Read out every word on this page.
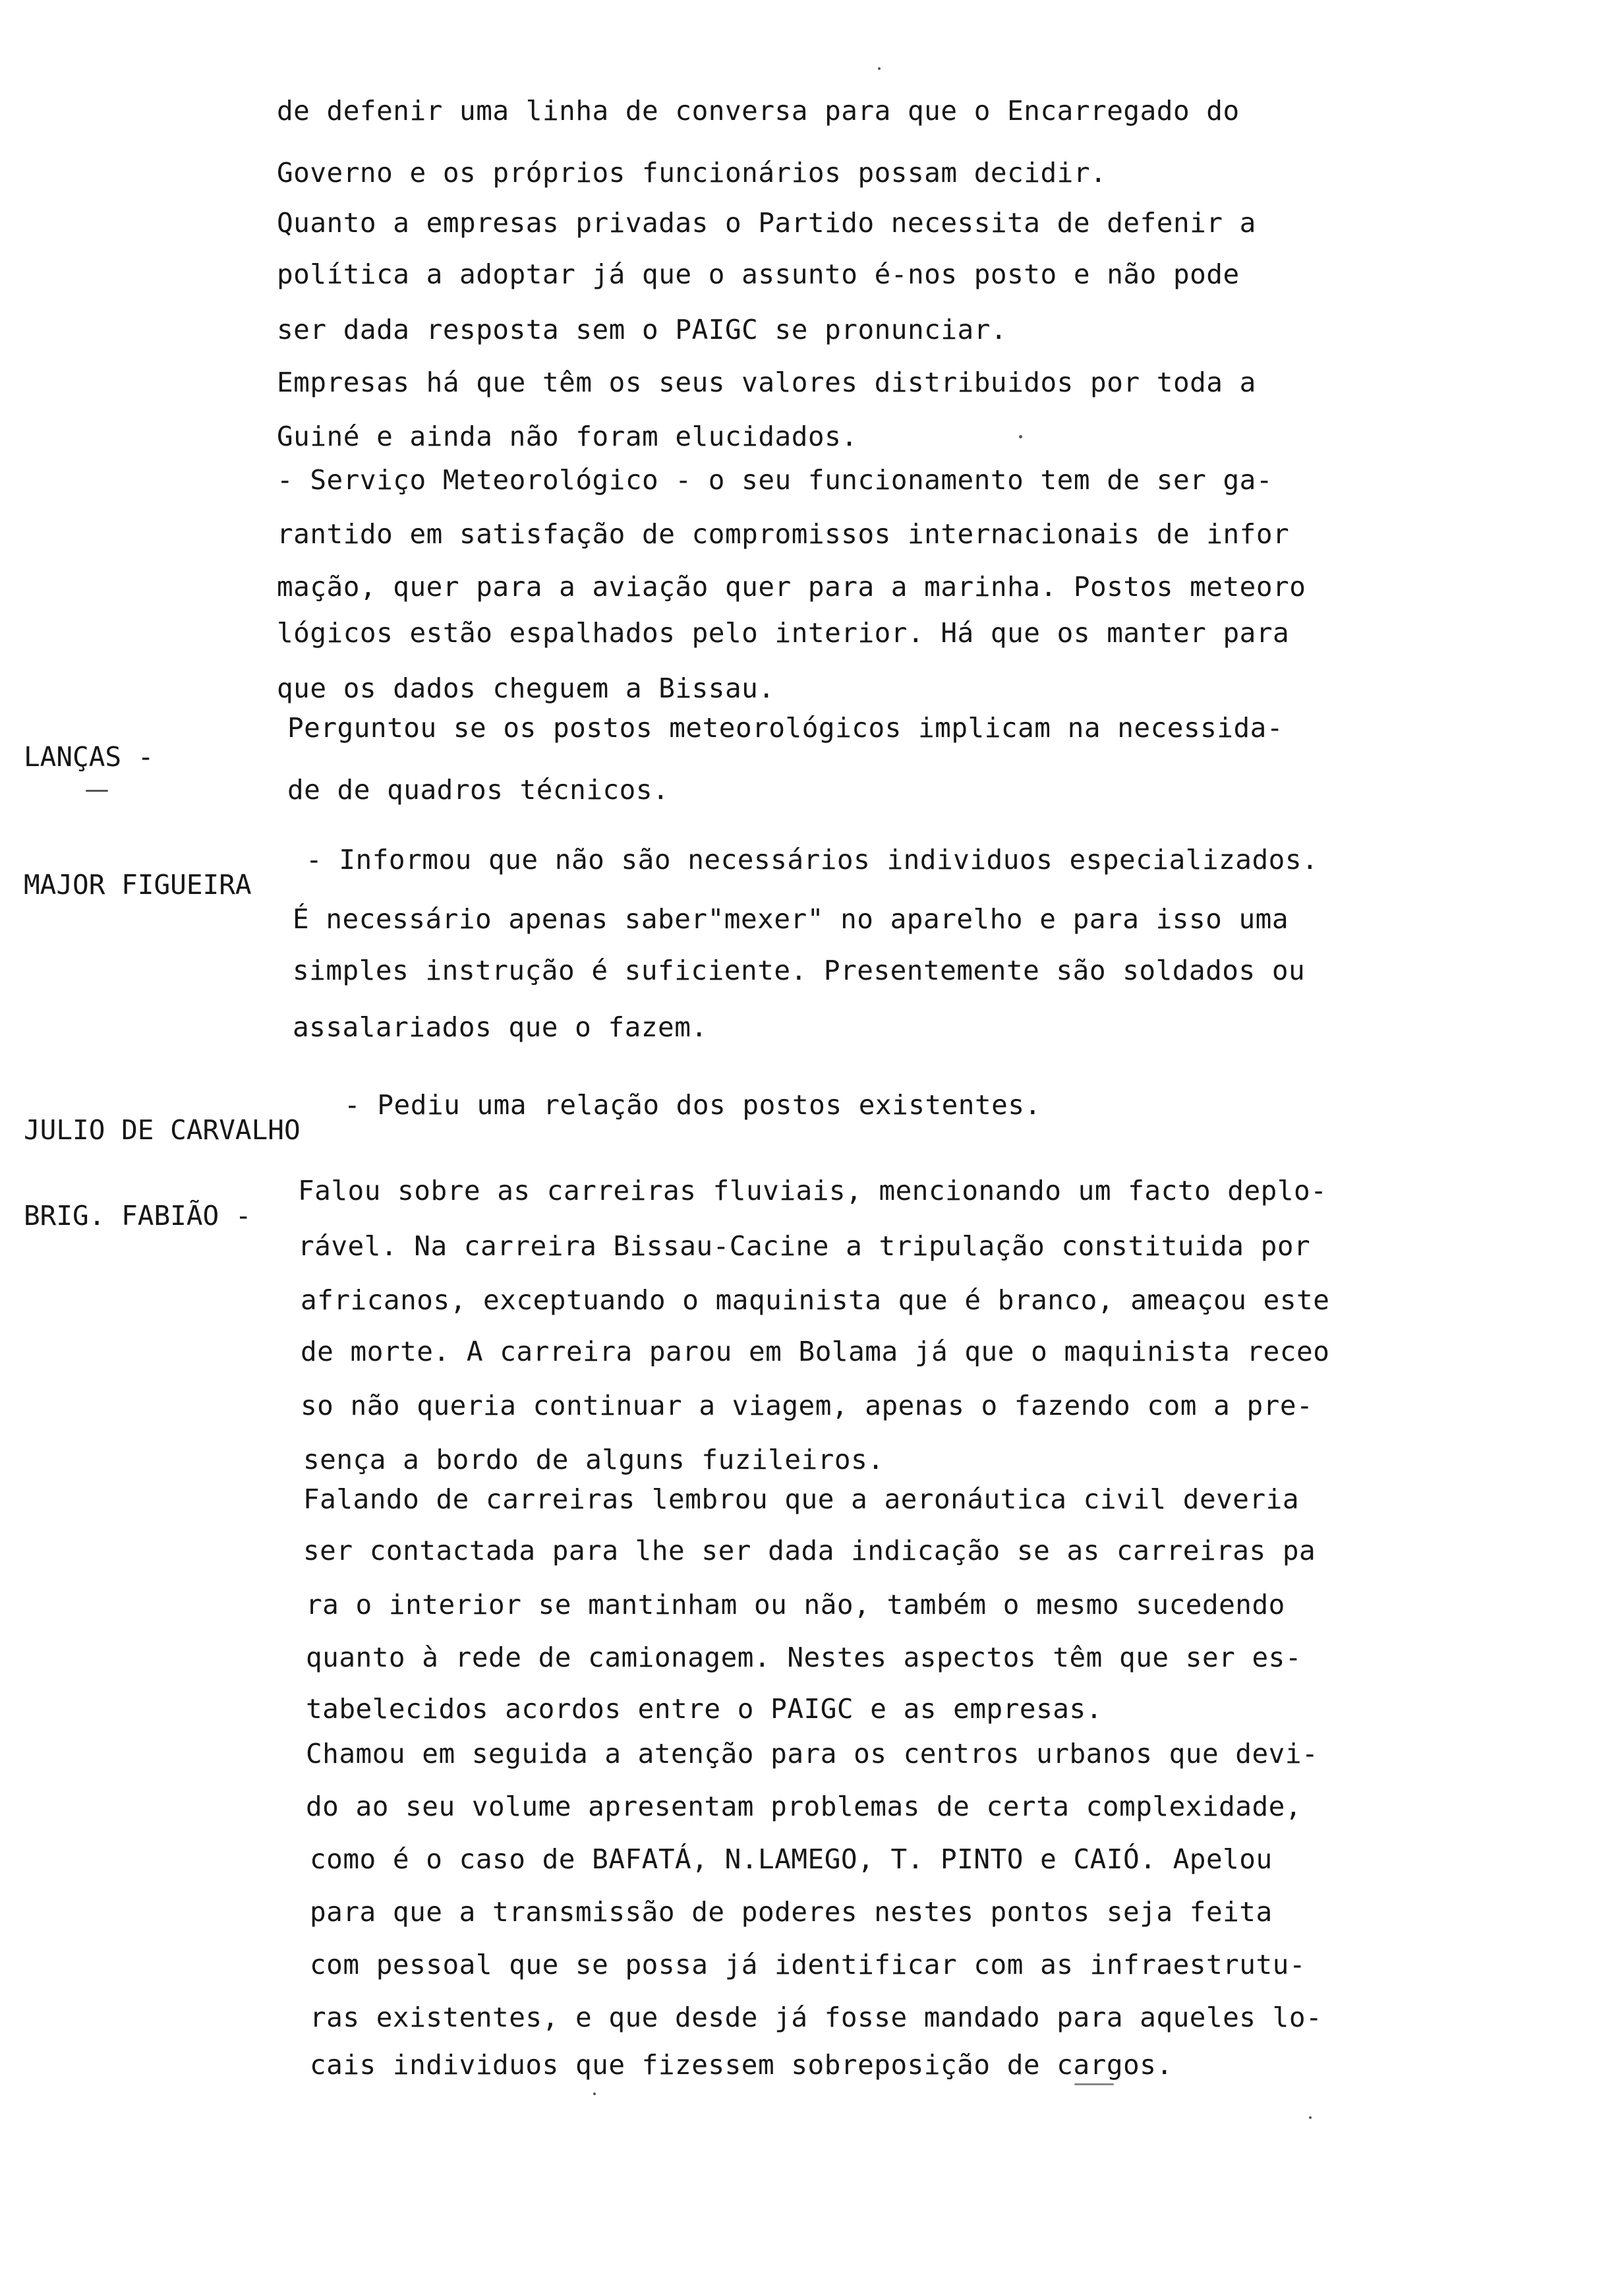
de defenir uma linha de conversa para que o Encarregado do
Governo e os próprios funcionários possam decidir.
Quanto a empresas privadas o Partido necessita de defenir a
política a adoptar já que o assunto é-nos posto e não pode
ser dada resposta sem o PAIGC se pronunciar.
Empresas há que têm os seus valores distribuidos por toda a
Guiné e ainda não foram elucidados.
- Serviço Meteorológico - o seu funcionamento tem de ser ga-
rantido em satisfação de compromissos internacionais de infor
mação, quer para a aviação quer para a marinha. Postos meteoro
lógicos estão espalhados pelo interior. Há que os manter para
que os dados cheguem a Bissau.
LANÇAS -
Perguntou se os postos meteorológicos implicam na necessida-
de de quadros técnicos.
MAJOR FIGUEIRA
- Informou que não são necessários individuos especializados.
É necessário apenas saber"mexer" no aparelho e para isso uma
simples instrução é suficiente. Presentemente são soldados ou
assalariados que o fazem.
JULIO DE CARVALHO
- Pediu uma relação dos postos existentes.
BRIG. FABIÃO -
Falou sobre as carreiras fluviais, mencionando um facto deplo-
rável. Na carreira Bissau-Cacine a tripulação constituida por
africanos, exceptuando o maquinista que é branco, ameaçou este
de morte. A carreira parou em Bolama já que o maquinista receo
so não queria continuar a viagem, apenas o fazendo com a pre-
sença a bordo de alguns fuzileiros.
Falando de carreiras lembrou que a aeronáutica civil deveria
ser contactada para lhe ser dada indicação se as carreiras pa
ra o interior se mantinham ou não, também o mesmo sucedendo
quanto à rede de camionagem. Nestes aspectos têm que ser es-
tabelecidos acordos entre o PAIGC e as empresas.
Chamou em seguida a atenção para os centros urbanos que devi-
do ao seu volume apresentam problemas de certa complexidade,
como é o caso de BAFATÁ, N.LAMEGO, T. PINTO e CAIÓ. Apelou
para que a transmissão de poderes nestes pontos seja feita
com pessoal que se possa já identificar com as infraestrutu-
ras existentes, e que desde já fosse mandado para aqueles lo-
cais individuos que fizessem sobreposição de cargos.
